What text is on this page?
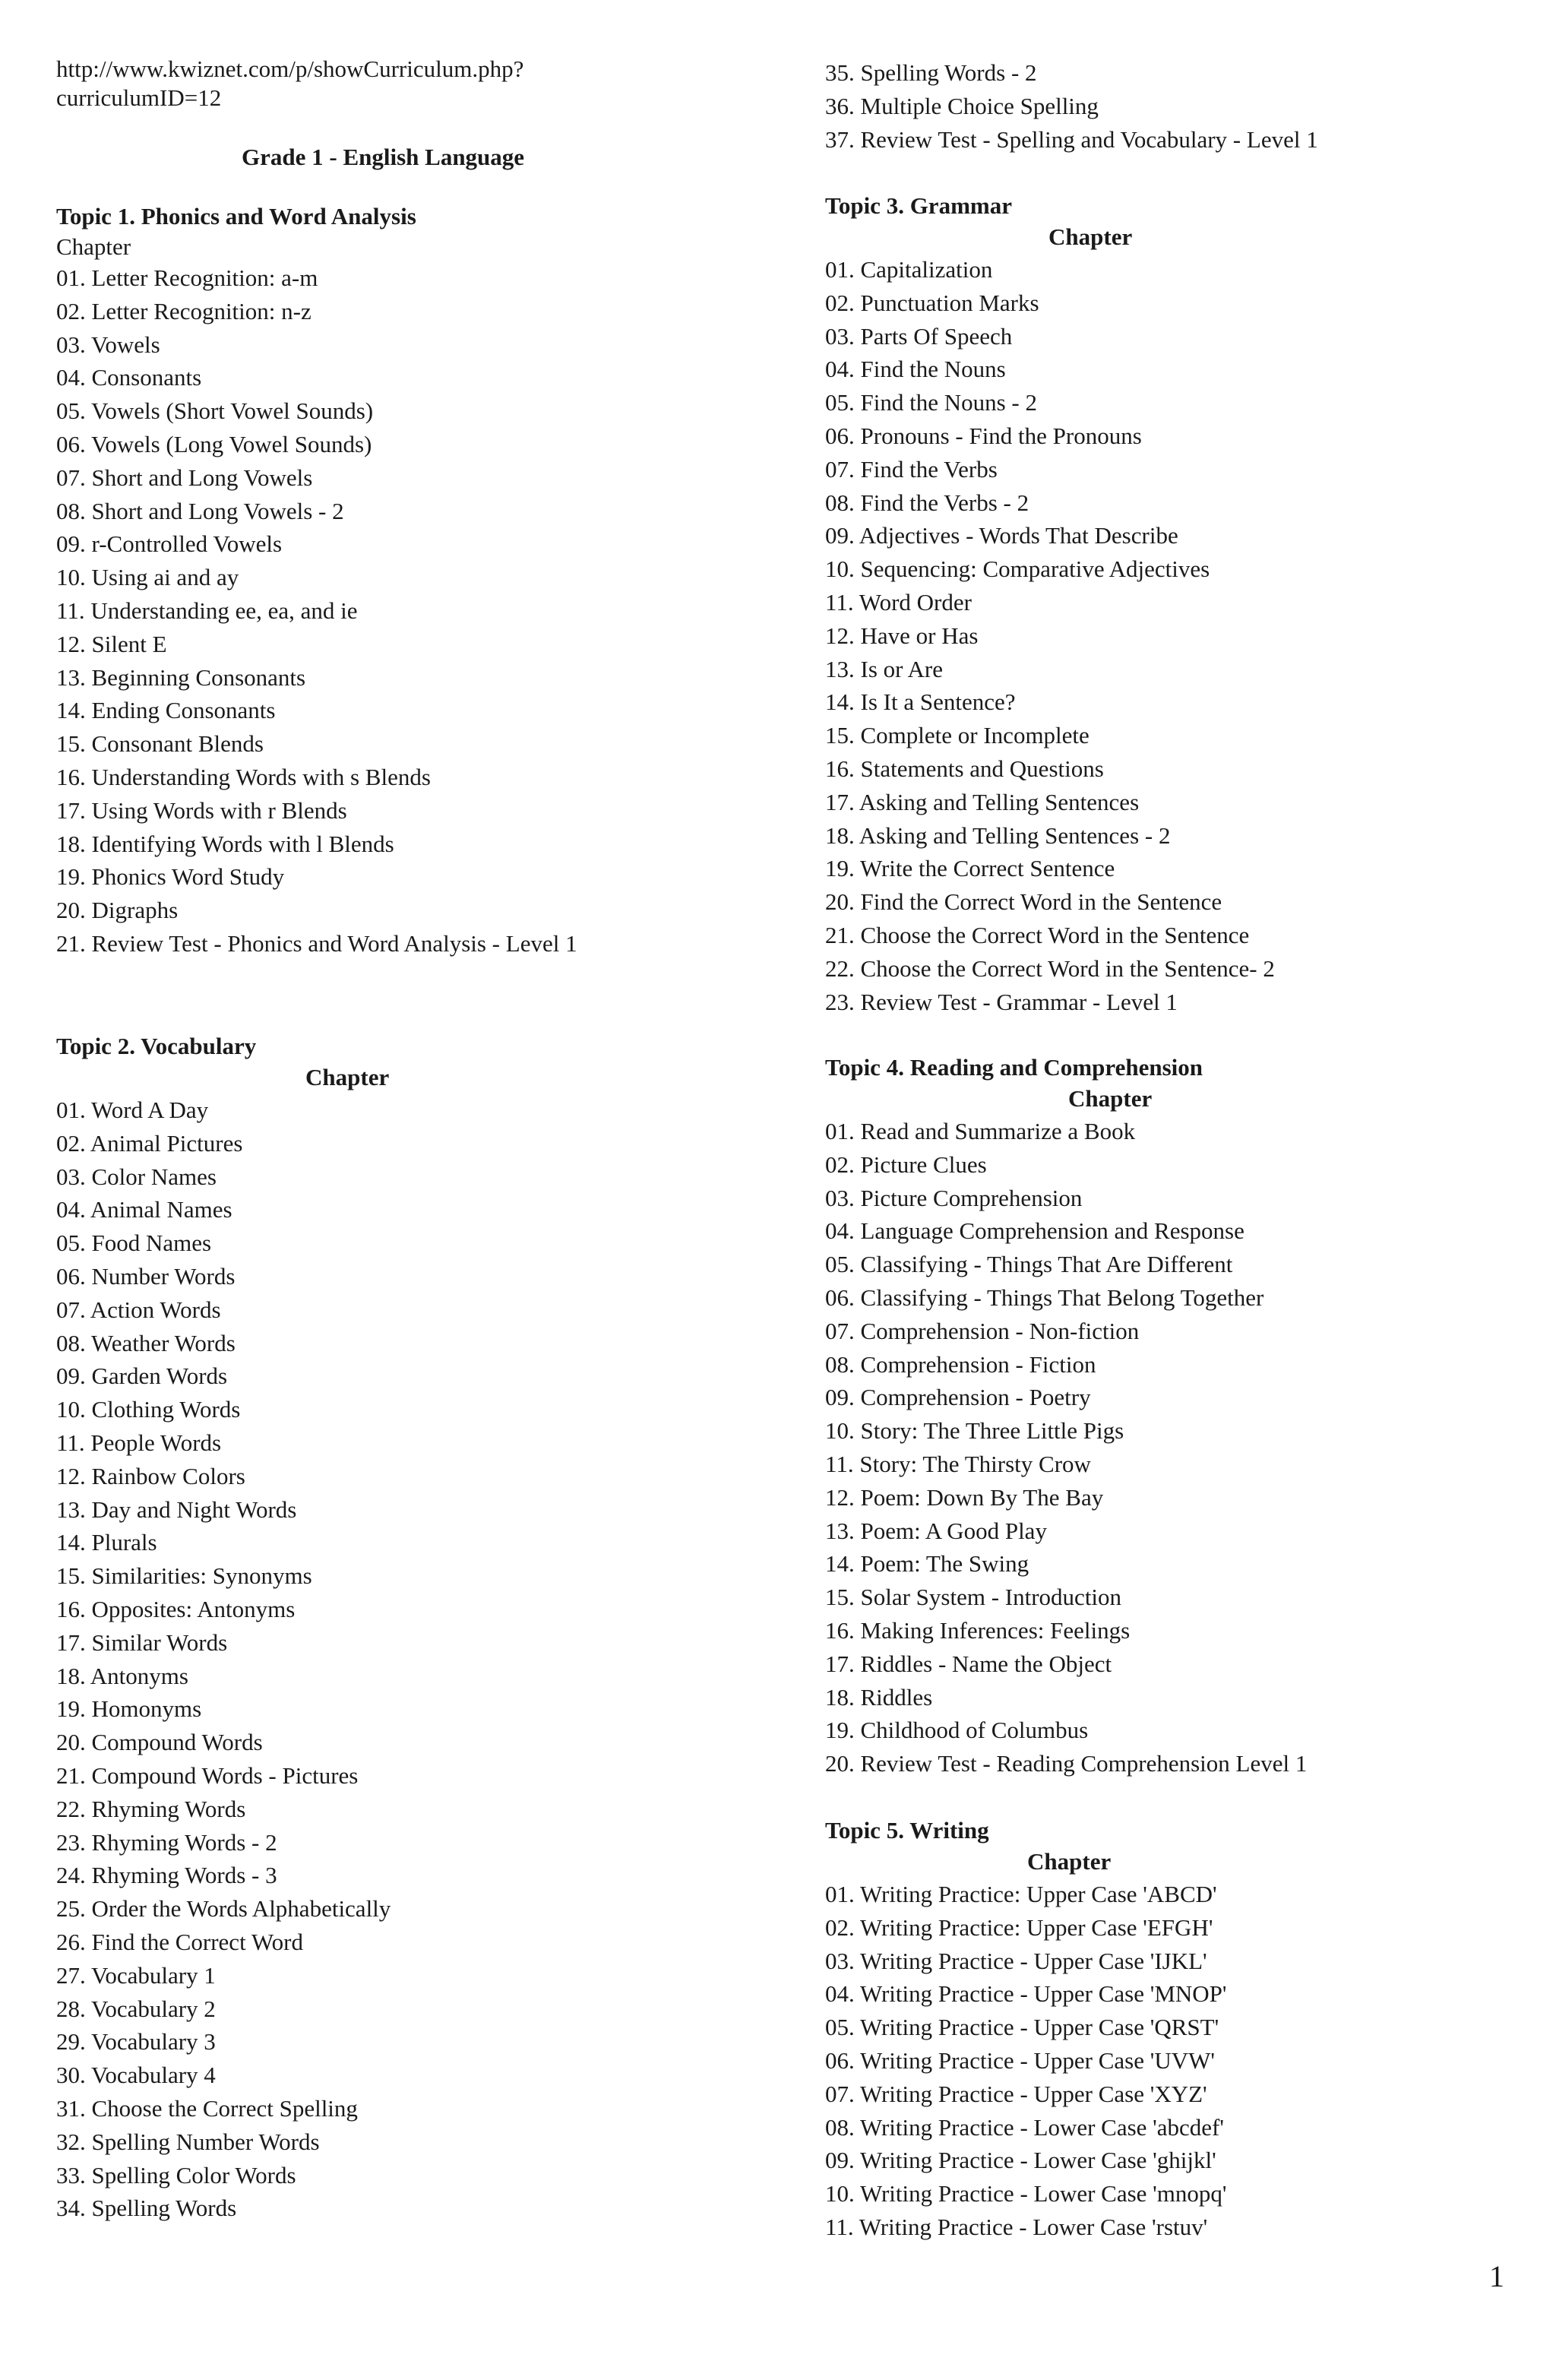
http://www.kwiznet.com/p/showCurriculum.php?
curriculumID=12
Grade 1 - English Language
Topic 1. Phonics and Word Analysis
Chapter
01. Letter Recognition: a-m
02. Letter Recognition: n-z
03. Vowels
04. Consonants
05. Vowels (Short Vowel Sounds)
06. Vowels (Long Vowel Sounds)
07. Short and Long Vowels
08. Short and Long Vowels - 2
09. r-Controlled Vowels
10. Using ai and ay
11. Understanding ee, ea, and ie
12. Silent E
13. Beginning Consonants
14. Ending Consonants
15. Consonant Blends
16. Understanding Words with s Blends
17. Using Words with r Blends
18. Identifying Words with l Blends
19. Phonics Word Study
20. Digraphs
21. Review Test - Phonics and Word Analysis - Level 1
Topic 2. Vocabulary
Chapter
01. Word A Day
02. Animal Pictures
03. Color Names
04. Animal Names
05. Food Names
06. Number Words
07. Action Words
08. Weather Words
09. Garden Words
10. Clothing Words
11. People Words
12. Rainbow Colors
13. Day and Night Words
14. Plurals
15. Similarities: Synonyms
16. Opposites: Antonyms
17. Similar Words
18. Antonyms
19. Homonyms
20. Compound Words
21. Compound Words - Pictures
22. Rhyming Words
23. Rhyming Words - 2
24. Rhyming Words - 3
25. Order the Words Alphabetically
26. Find the Correct Word
27. Vocabulary 1
28. Vocabulary 2
29. Vocabulary 3
30. Vocabulary 4
31. Choose the Correct Spelling
32. Spelling Number Words
33. Spelling Color Words
34. Spelling Words
35. Spelling Words - 2
36. Multiple Choice Spelling
37. Review Test - Spelling and Vocabulary - Level 1
Topic 3. Grammar
Chapter
01. Capitalization
02. Punctuation Marks
03. Parts Of Speech
04. Find the Nouns
05. Find the Nouns - 2
06. Pronouns - Find the Pronouns
07. Find the Verbs
08. Find the Verbs - 2
09. Adjectives - Words That Describe
10. Sequencing: Comparative Adjectives
11. Word Order
12. Have or Has
13. Is or Are
14. Is It a Sentence?
15. Complete or Incomplete
16. Statements and Questions
17. Asking and Telling Sentences
18. Asking and Telling Sentences - 2
19. Write the Correct Sentence
20. Find the Correct Word in the Sentence
21. Choose the Correct Word in the Sentence
22. Choose the Correct Word in the Sentence- 2
23. Review Test - Grammar - Level 1
Topic 4. Reading and Comprehension
Chapter
01. Read and Summarize a Book
02. Picture Clues
03. Picture Comprehension
04. Language Comprehension and Response
05. Classifying - Things That Are Different
06. Classifying - Things That Belong Together
07. Comprehension - Non-fiction
08. Comprehension - Fiction
09. Comprehension - Poetry
10. Story: The Three Little Pigs
11. Story: The Thirsty Crow
12. Poem: Down By The Bay
13. Poem: A Good Play
14. Poem: The Swing
15. Solar System - Introduction
16. Making Inferences: Feelings
17. Riddles - Name the Object
18. Riddles
19. Childhood of Columbus
20. Review Test - Reading Comprehension Level 1
Topic 5. Writing
Chapter
01. Writing Practice: Upper Case 'ABCD'
02. Writing Practice: Upper Case 'EFGH'
03. Writing Practice - Upper Case 'IJKL'
04. Writing Practice - Upper Case 'MNOP'
05. Writing Practice - Upper Case 'QRST'
06. Writing Practice - Upper Case 'UVW'
07. Writing Practice - Upper Case 'XYZ'
08. Writing Practice - Lower Case 'abcdef'
09. Writing Practice - Lower Case 'ghijkl'
10. Writing Practice - Lower Case 'mnopq'
11. Writing Practice - Lower Case 'rstuv'
1
